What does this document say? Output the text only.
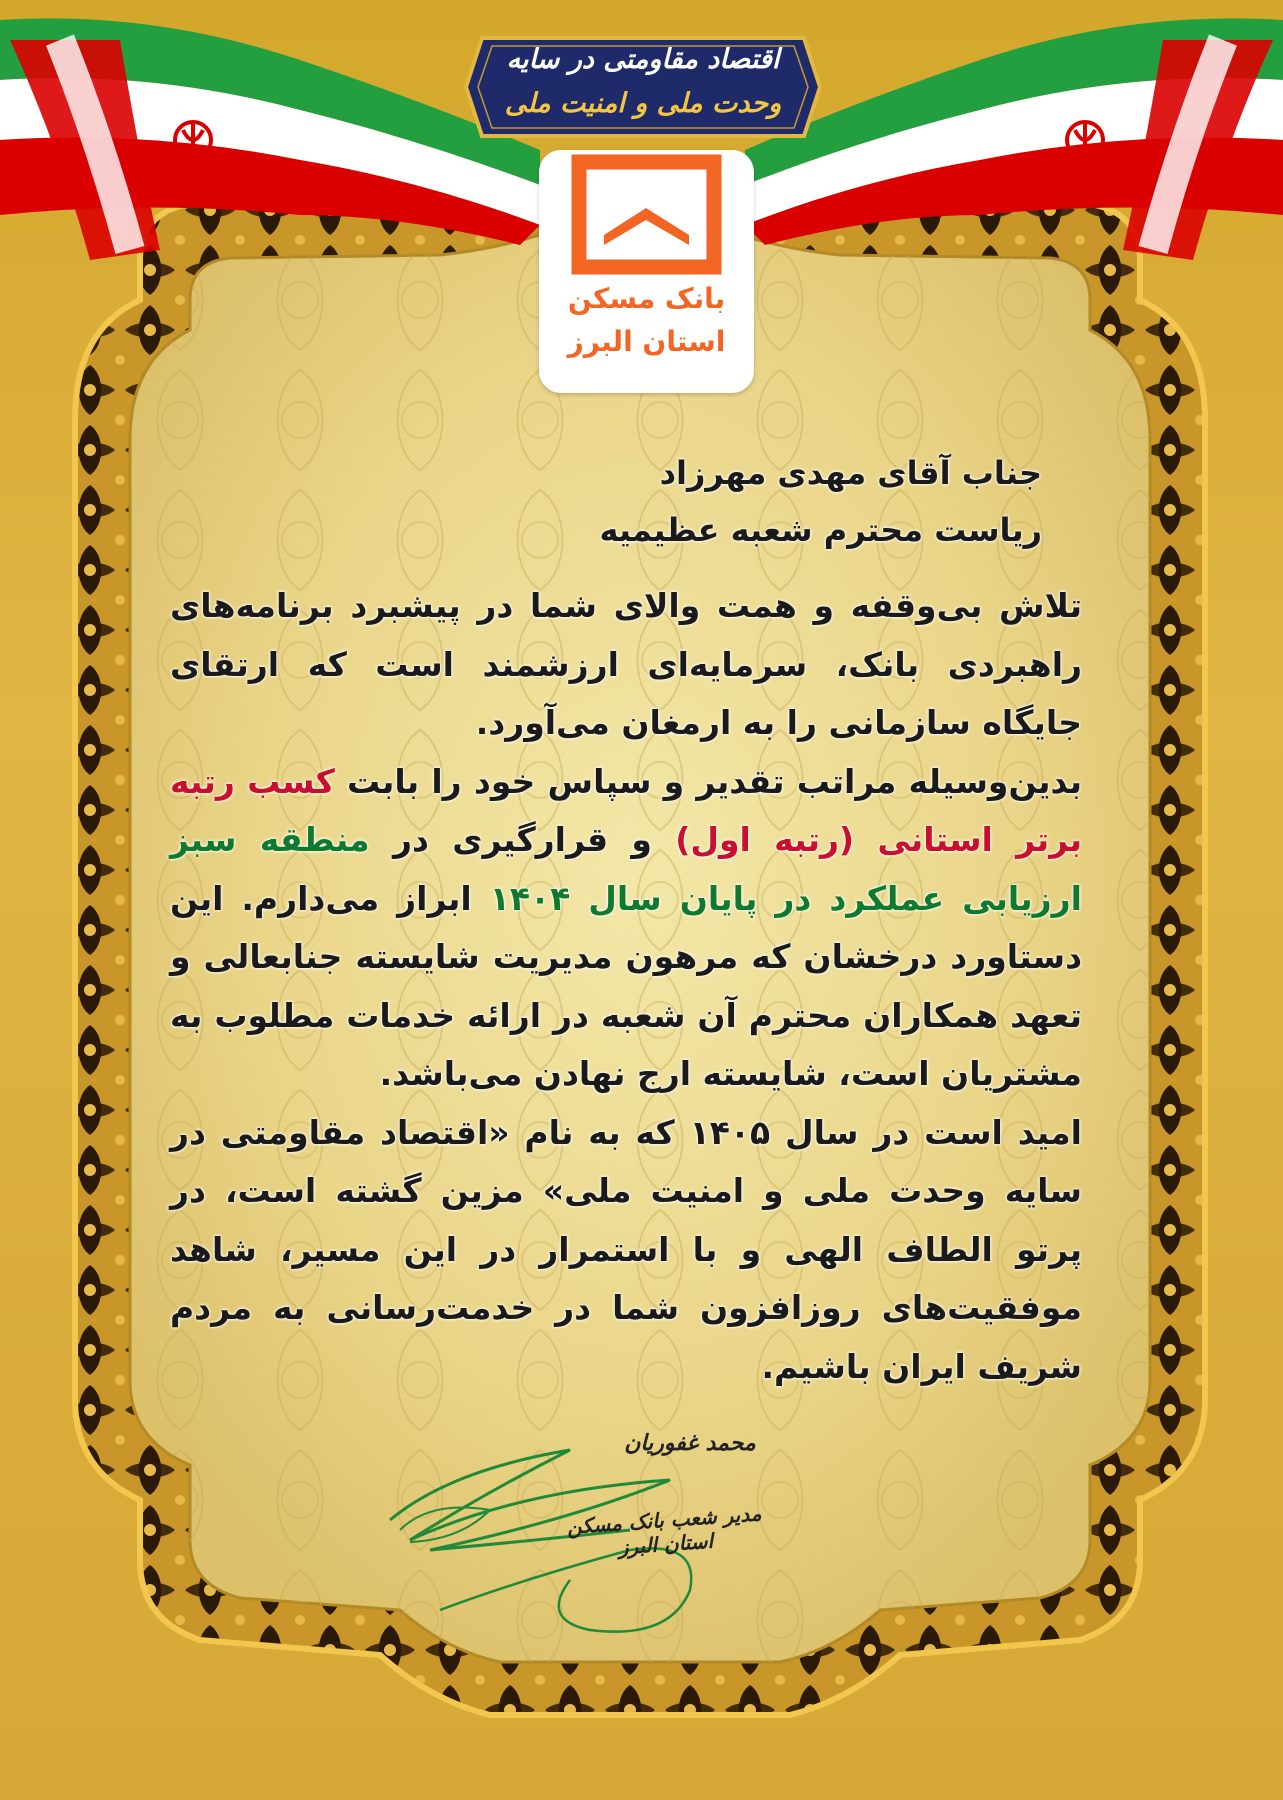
اقتصاد مقاومتی در سایه
وحدت ملی و امنیت ملی
بانک مسکن
استان البرز
جناب آقای مهدی مهرزاد
ریاست محترم شعبه عظیمیه

تلاش بی‌وقفه و همت والای شما در پیشبرد برنامه‌های راهبردی بانک، سرمایه‌ای ارزشمند است که ارتقای جایگاه سازمانی را به ارمغان می‌آورد.

بدین‌وسیله مراتب تقدیر و سپاس خود را بابت کسب رتبه برتر استانی (رتبه اول) و قرارگیری در منطقه سبز ارزیابی عملکرد در پایان سال ۱۴۰۴ ابراز می‌دارم. این دستاورد درخشان که مرهون مدیریت شایسته جنابعالی و تعهد همکاران محترم آن شعبه در ارائه خدمات مطلوب به مشتریان است، شایسته ارج نهادن می‌باشد.

امید است در سال ۱۴۰۵ که به نام «اقتصاد مقاومتی در سایه وحدت ملی و امنیت ملی» مزین گشته است، در پرتو الطاف الهی و با استمرار در این مسیر، شاهد موفقیت‌های روزافزون شما در خدمت‌رسانی به مردم شریف ایران باشیم.

محمد غفوریان
مدیر شعب بانک مسکن استان البرز
